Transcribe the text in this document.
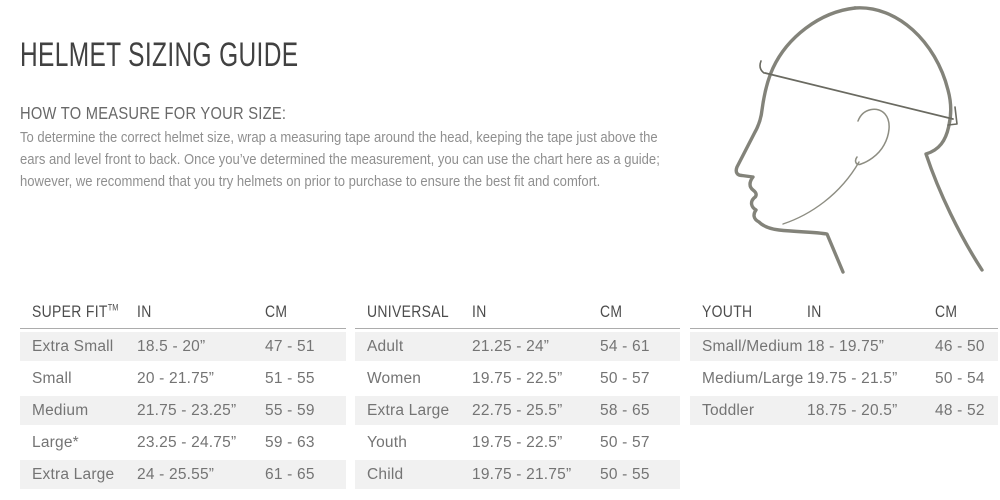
HELMET SIZING GUIDE
HOW TO MEASURE FOR YOUR SIZE:
To determine the correct helmet size, wrap a measuring tape around the head, keeping the tape just above the
ears and level front to back. Once you’ve determined the measurement, you can use the chart here as a guide;
however, we recommend that you try helmets on prior to purchase to ensure the best fit and comfort.
SUPER FIT™	IN	CM
Extra Small	18.5 - 20”	47 - 51
Small	20 - 21.75”	51 - 55
Medium	21.75 - 23.25”	55 - 59
Large*	23.25 - 24.75”	59 - 63
Extra Large	24 - 25.55”	61 - 65
UNIVERSAL	IN	CM
Adult	21.25 - 24”	54 - 61
Women	19.75 - 22.5”	50 - 57
Extra Large	22.75 - 25.5”	58 - 65
Youth	19.75 - 22.5”	50 - 57
Child	19.75 - 21.75”	50 - 55
YOUTH	IN	CM
Small/Medium 18 - 19.75”	46 - 50
Medium/Large 19.75 - 21.5”	50 - 54
Toddler	18.75 - 20.5”	48 - 52
